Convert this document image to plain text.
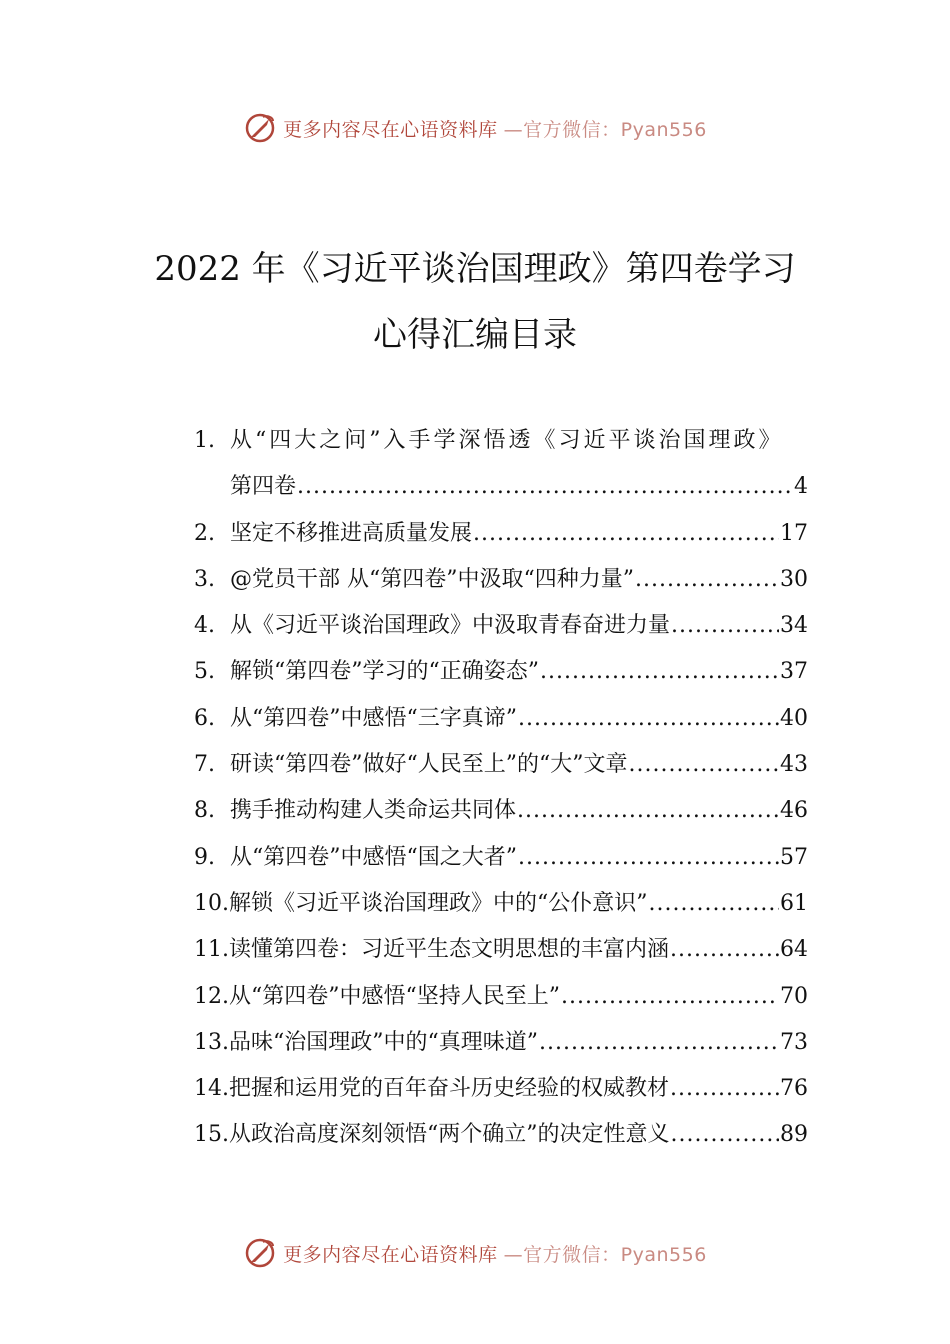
更多内容尽在心语资料库 —官方微信：Pyan556
2022 年《习近平谈治国理政》第四卷学习
心得汇编目录
1. 从“四大之问”入手学深悟透《习近平谈治国理政》
第四卷 .....	4
2. 坚定不移推进高质量发展 .....	17
3. @党员干部 从“第四卷”中汲取“四种力量” .....	30
4. 从《习近平谈治国理政》中汲取青春奋进力量 .....	34
5. 解锁“第四卷”学习的“正确姿态” .....	37
6. 从“第四卷”中感悟“三字真谛” .....	40
7. 研读“第四卷”做好“人民至上”的“大”文章 .....	43
8. 携手推动构建人类命运共同体 .....	46
9. 从“第四卷”中感悟“国之大者” .....	57
10. 解锁《习近平谈治国理政》中的“公仆意识” .....	61
11. 读懂第四卷：习近平生态文明思想的丰富内涵 .....	64
12. 从“第四卷”中感悟“坚持人民至上” .....	70
13. 品味“治国理政”中的“真理味道” .....	73
14. 把握和运用党的百年奋斗历史经验的权威教材 .....	76
15. 从政治高度深刻领悟“两个确立”的决定性意义 .....	89
更多内容尽在心语资料库 —官方微信：Pyan556
